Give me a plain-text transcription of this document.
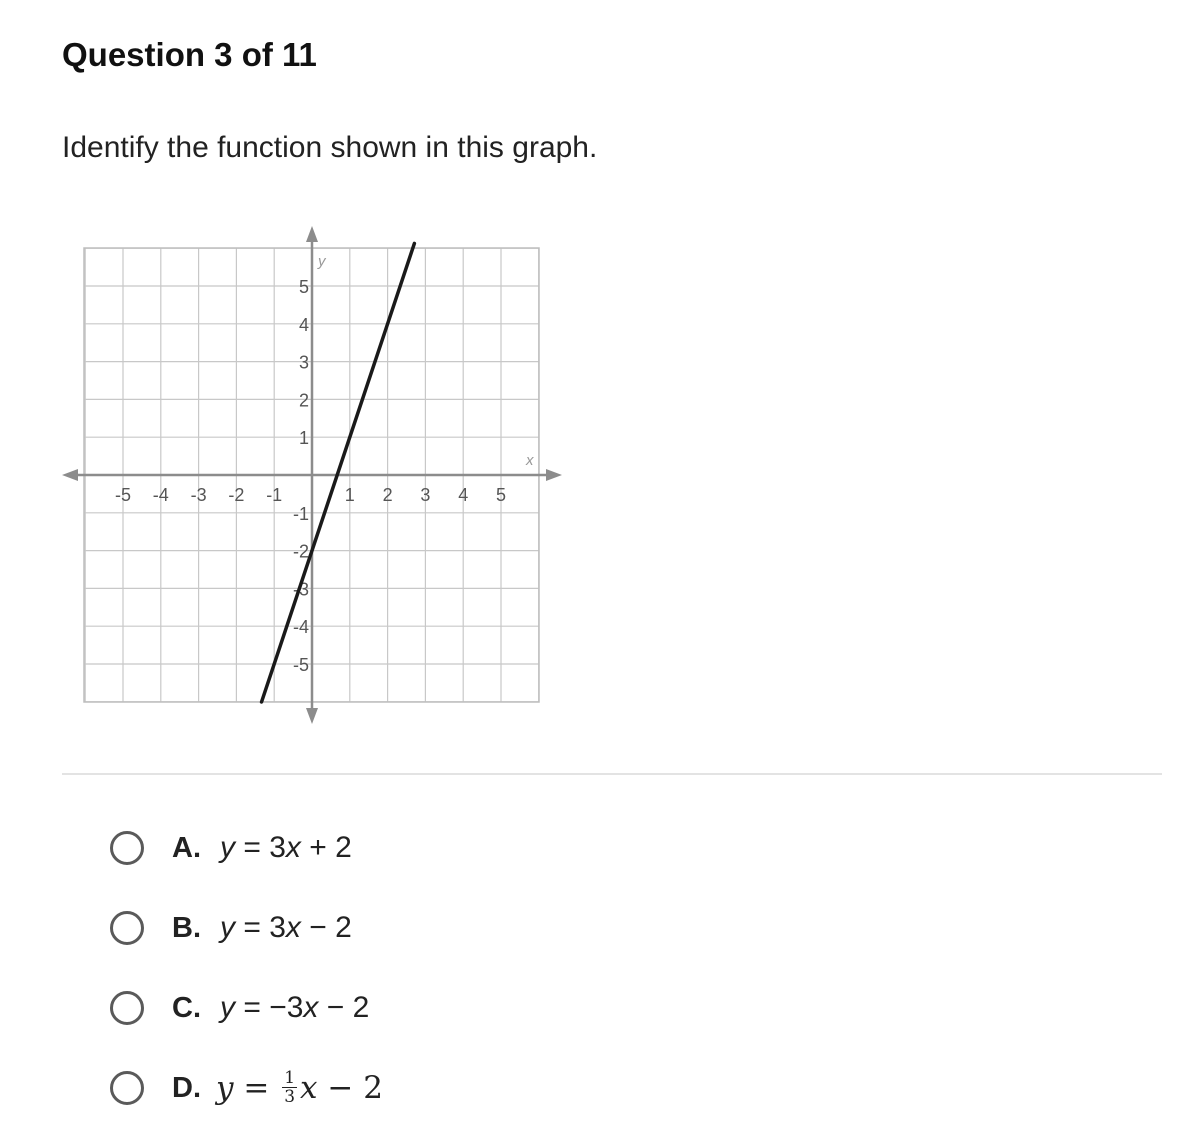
Question 3 of 11
Identify the function shown in this graph.
x
y
-5 -4 -3 -2 -1	1 2 3 4 5
5
4
3
2
1
-1
-2
-3
-4
-5
A. y = 3x + 2
B. y = 3x − 2
C. y = −3x − 2
D. $y = \frac{1}{3}$ x − 2
